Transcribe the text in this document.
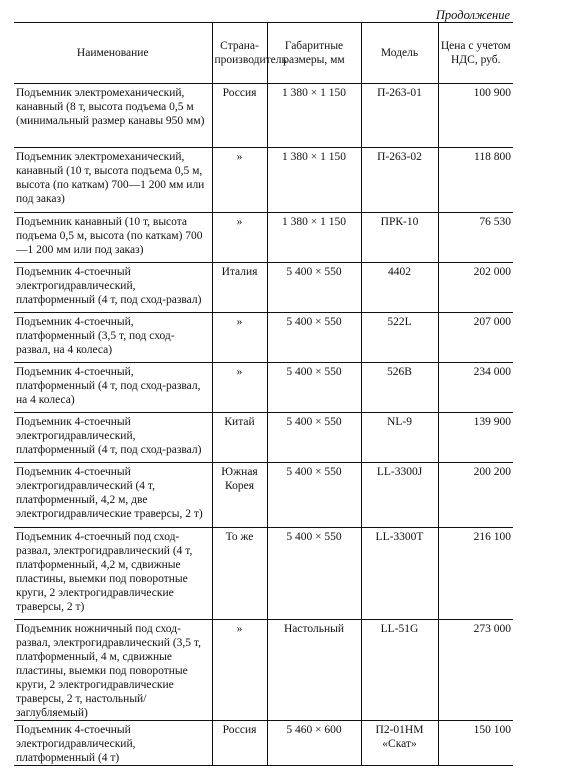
Продолжение
Наименование	Страна-производитель	Габаритные размеры, мм	Модель	Цена с учетом НДС, руб.
Подъемник электромеханический, канавный (8 т, высота подъема 0,5 м (минимальный размер канавы 950 мм)	Россия	1 380 × 1 150	П-263-01	100 900
Подъемник электромеханический, канавный (10 т, высота подъема 0,5 м, высота (по каткам) 700—1 200 мм или под заказ)	»	1 380 × 1 150	П-263-02	118 800
Подъемник канавный (10 т, высота подъема 0,5 м, высота (по каткам) 700—1 200 мм или под заказ)	»	1 380 × 1 150	ПРК-10	76 530
Подъемник 4-стоечный электрогидравлический, платформенный (4 т, под сход-развал)	Италия	5 400 × 550	4402	202 000
Подъемник 4-стоечный, платформенный (3,5 т, под сход-развал, на 4 колеса)	»	5 400 × 550	522L	207 000
Подъемник 4-стоечный, платформенный (4 т, под сход-развал, на 4 колеса)	»	5 400 × 550	526B	234 000
Подъемник 4-стоечный электрогидравлический, платформенный (4 т, под сход-развал)	Китай	5 400 × 550	NL-9	139 900
Подъемник 4-стоечный электрогидравлический (4 т, платформенный, 4,2 м, две электрогидравлические траверсы, 2 т)	Южная Корея	5 400 × 550	LL-3300J	200 200
Подъемник 4-стоечный под сход-развал, электрогидравлический (4 т, платформенный, 4,2 м, сдвижные пластины, выемки под поворотные круги, 2 электрогидравлические траверсы, 2 т)	То же	5 400 × 550	LL-3300T	216 100
Подъемник ножничный под сход-развал, электрогидравлический (3,5 т, платформенный, 4 м, сдвижные пластины, выемки под поворотные круги, 2 электрогидравлические траверсы, 2 т, настольный/заглубляемый)	»	Настольный	LL-51G	273 000
Подъемник 4-стоечный электрогидравлический, платформенный (4 т)	Россия	5 460 × 600	П2-01НМ «Скат»	150 100
